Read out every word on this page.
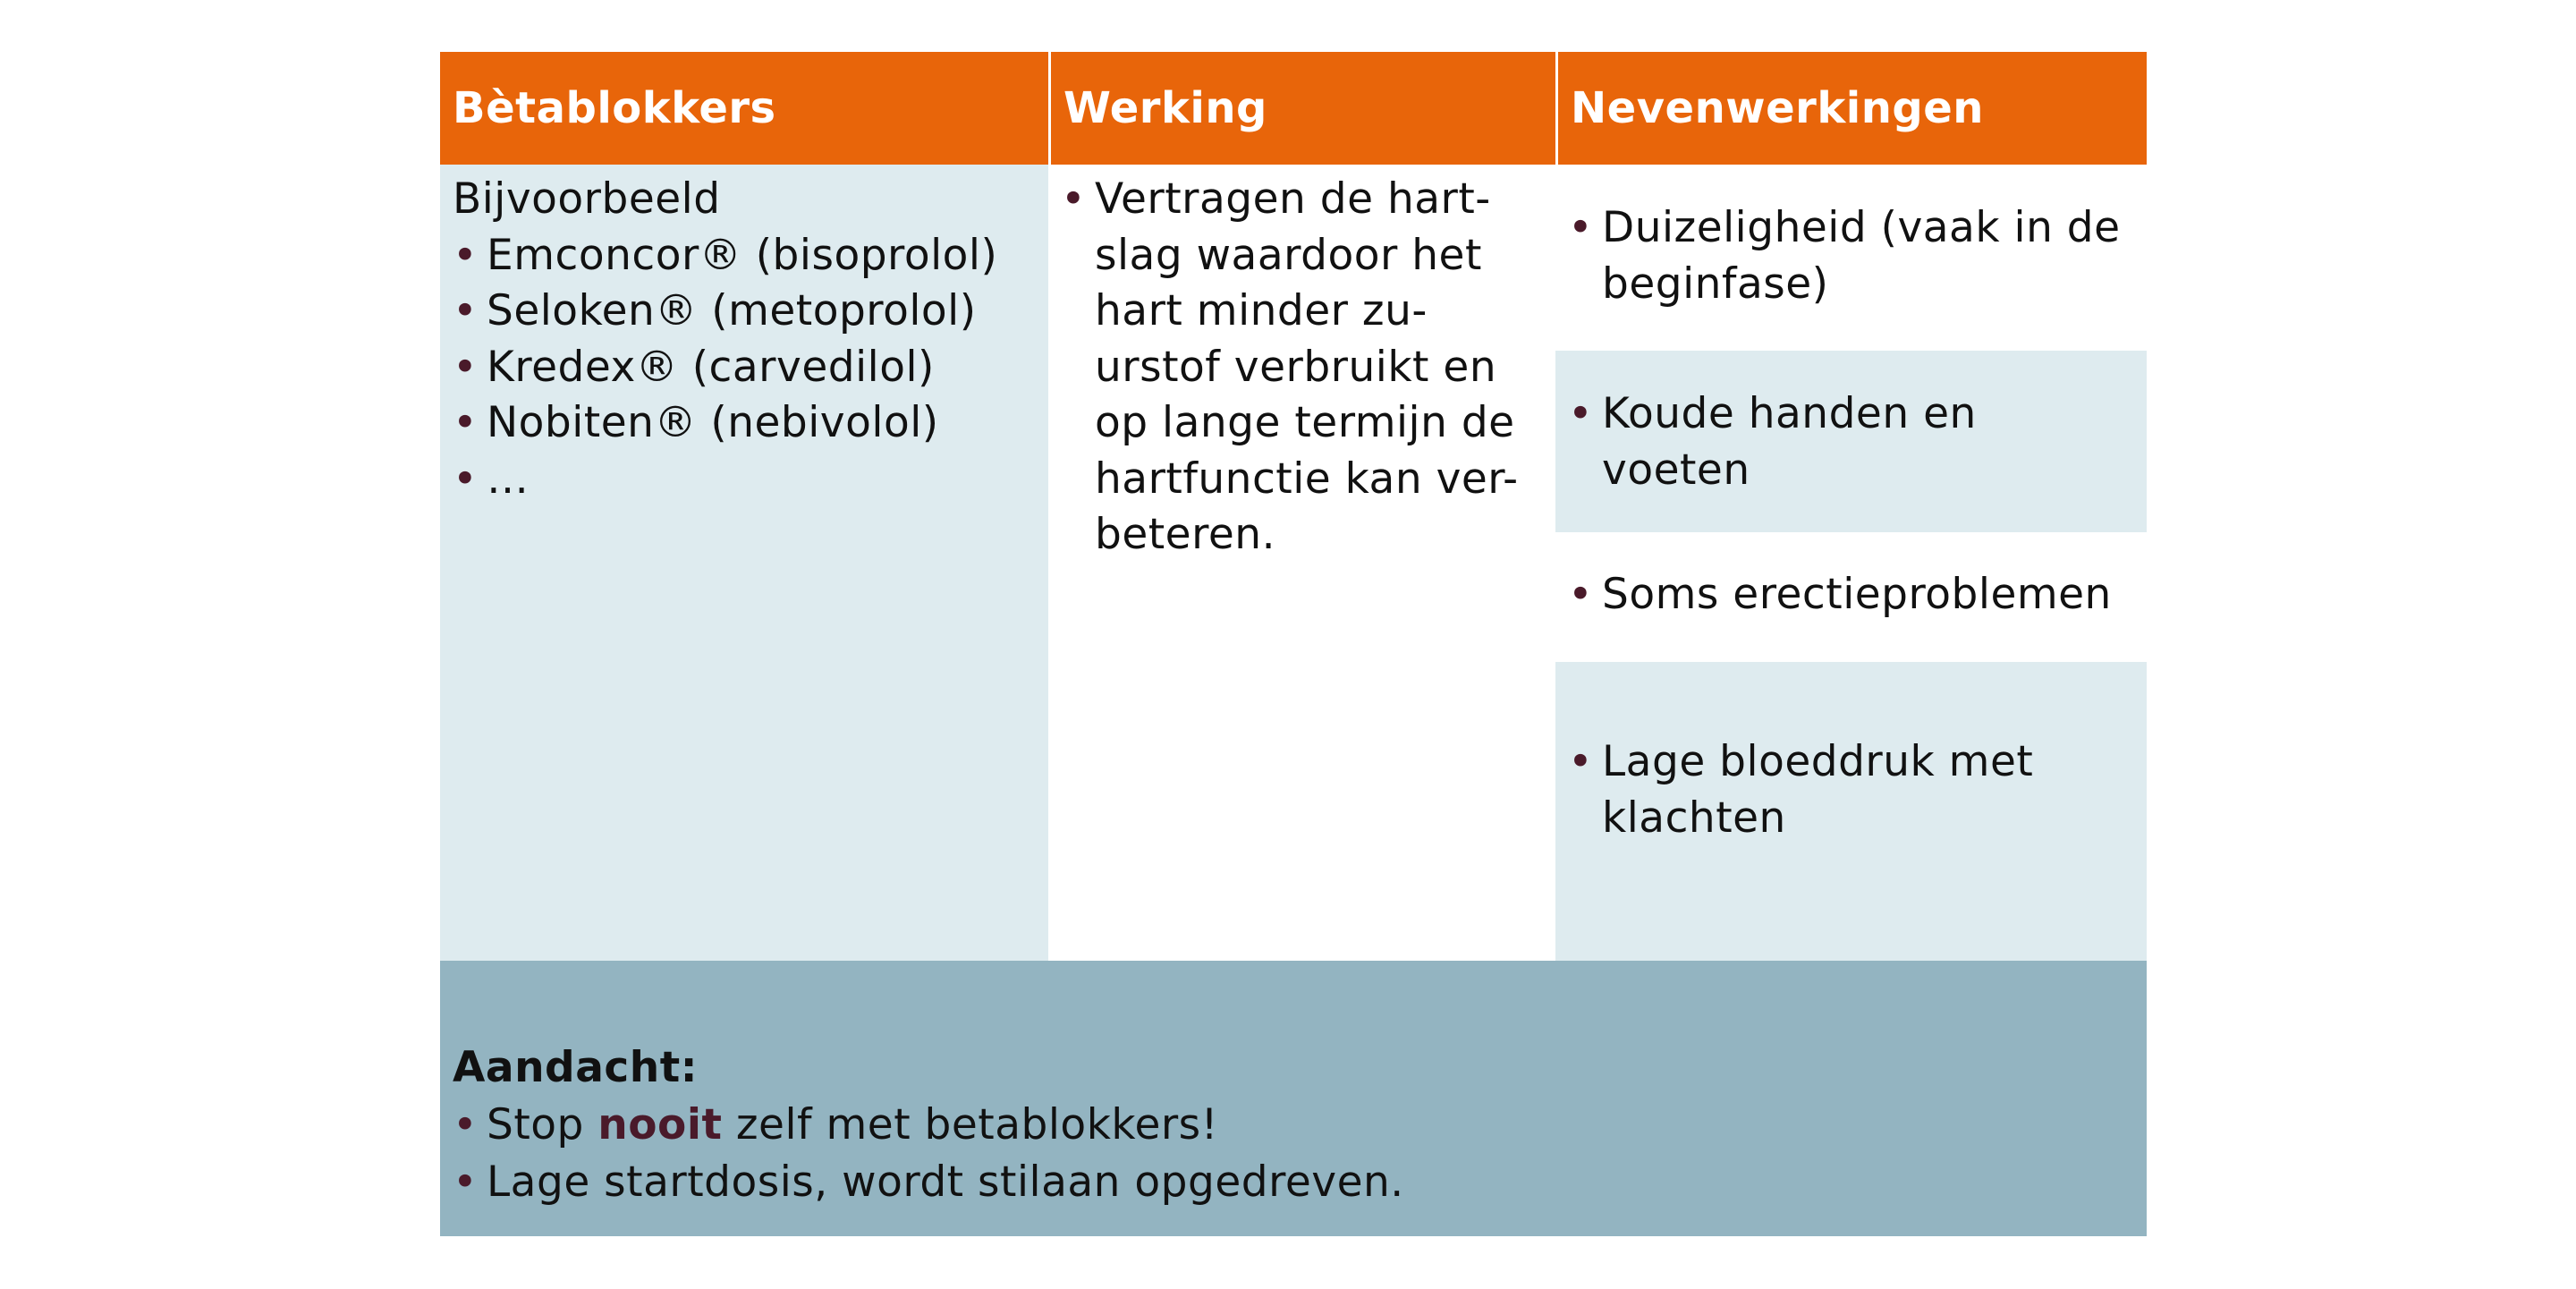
Bètablokkers	Werking	Nevenwerkingen
Bijvoorbeeld
• Emconcor® (bisoprolol)
• Seloken® (metoprolol)
• Kredex® (carvedilol)
• Nobiten® (nebivolol)
• …
• Vertragen de hart-
slag waardoor het
hart minder zu-
urstof verbruikt en
op lange termijn de
hartfunctie kan ver-
beteren.
• Duizeligheid (vaak in de
beginfase)
• Koude handen en
voeten
• Soms erectieproblemen
• Lage bloeddruk met
klachten
Aandacht:
• Stop nooit zelf met betablokkers!
• Lage startdosis, wordt stilaan opgedreven.
